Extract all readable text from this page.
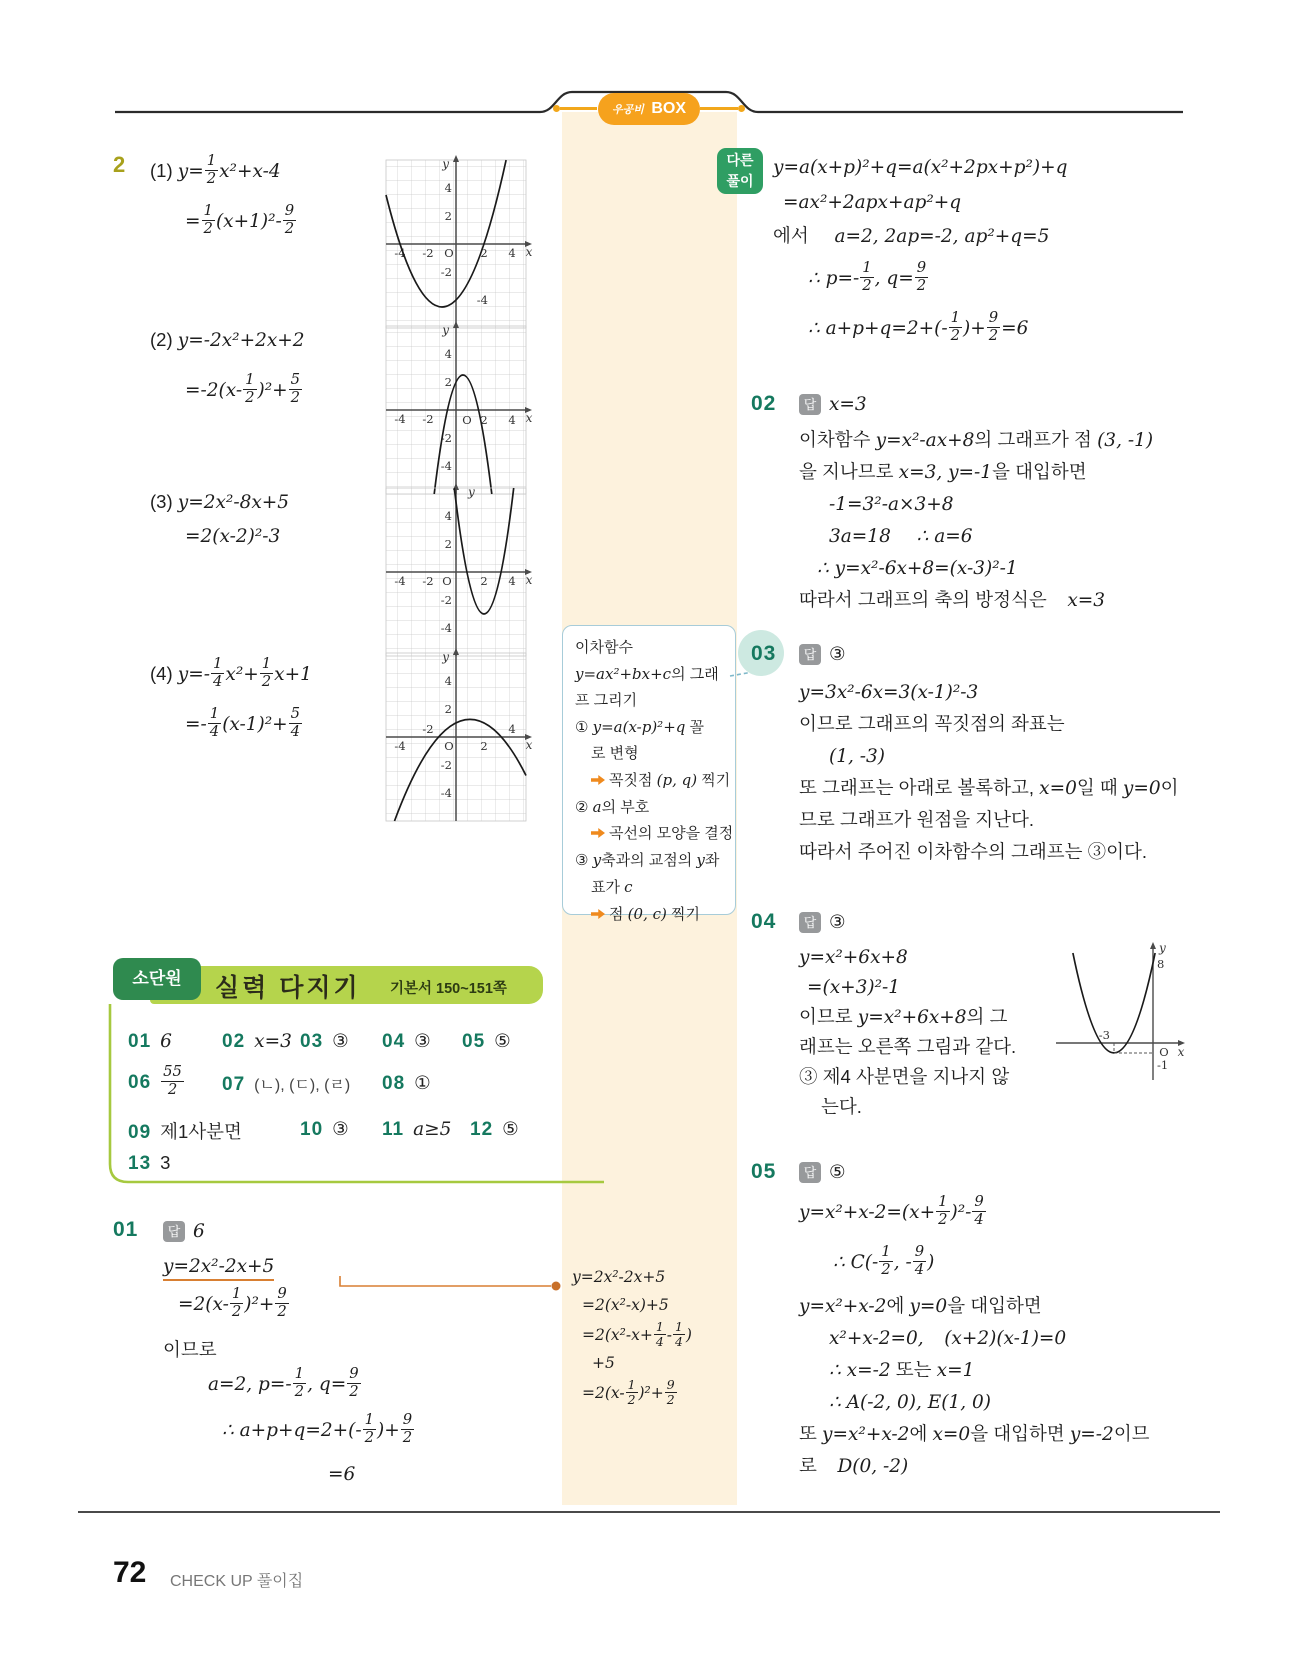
우공비 BOX
2 (1) $y= \frac{1}{2} x^2+x-4$
= $\frac{1}{2} (x+1)^2- \frac{9}{2}$
(2) y=-2x²+2x+2
$=-2(x- \frac{1}{2} )^2+ \frac{5}{2}$
(3) y=2x²-8x+5
=2(x-2)²-3
(4) $y=- \frac{1}{4} x^2+ \frac{1}{2} x+1$
=- $\frac{1}{4} (x-1)^2+ \frac{5}{4}$
-4 -2 O 2 4 x
y
4
2
-2
-4
-4 -2 O 2 4 x
y
4
2
-2
-4
-4 -2 O 2 4 x
y
4
2
-2
-4
-4
-2
O 2
4
x
y
4
2
-2
-4
소단원	실력 다지기 기본서 150~151쪽
01 6	02 x=3 03 ③ 04 ③ 05 ⑤
$06 \frac{55}{2} 07$ (ㄴ), (ㄷ), (ㄹ) 08 ①
09 제1사분면	10 ③ 11 a≥5 12 ⑤
13 3
01	답 6
y=2x²-2x+5
$=2(x- \frac{1}{2} )^2+ \frac{9}{2}$
이므로
a=2, $p=- \frac{1}{2}$ , $q= \frac{9}{2}$
∴ $a+p+q=2+(- \frac{1}{2}$ )+ $\frac{9}{2}$
=6
이차함수
y=ax²+bx+c의 그래
프 그리기
① y=a(x-p)²+q 꼴
로 변형
꼭짓점 (p, q) 찍기
② a의 부호
곡선의 모양을 결정
③ y축과의 교점의 y좌
표가 c
점 (0, c) 찍기
y=2x²-2x+5
=2(x²-x)+5
$=2(x^2-x+ \frac{1}{4} - \frac{1}{4}$ )
+5
$=2(x- \frac{1}{2} )^2+ \frac{9}{2}$
다른
풀이
y=a(x+p)²+q=a(x²+2px+p²)+q
=ax²+2apx+ap²+q
에서     a=2, 2ap=-2, ap²+q=5
∴ $p=- \frac{1}{2}$ , $q= \frac{9}{2}$
∴ $a+p+q=2+(- \frac{1}{2}$ )+ $\frac{9}{2} =6$
02	답 x=3
이차함수 y=x²-ax+8의 그래프가 점 (3, -1)
을 지나므로 x=3, y=-1을 대입하면
-1=3²-a×3+8
3a=18 ∴ a=6
∴ y=x²-6x+8=(x-3)²-1
따라서 그래프의 축의 방정식은    x=3
03	답 ③
y=3x²-6x=3(x-1)²-3
이므로 그래프의 꼭짓점의 좌표는
(1, -3)
또 그래프는 아래로 볼록하고, x=0일 때 y=0이
므로 그래프가 원점을 지난다.
따라서 주어진 이차함수의 그래프는 ③이다.
04	답 ③
y=x²+6x+8
=(x+3)²-1
이므로 y=x²+6x+8의 그
래프는 오른쪽 그림과 같다.
③ 제4 사분면을 지나지 않
는다.
y
8
-3
O x
-1
05	답 ⑤
$y=x^2+x-2=(x+ \frac{1}{2} )^2- \frac{9}{4}$
∴ $C(- \frac{1}{2}$ , - $\frac{9}{4}$ )
y=x²+x-2에 y=0을 대입하면
x²+x-2=0, (x+2)(x-1)=0
∴ x=-2 또는 x=1
∴ A(-2, 0), E(1, 0)
또 y=x²+x-2에 x=0을 대입하면 y=-2이므
로    D(0, -2)
72 CHECK UP 풀이집
